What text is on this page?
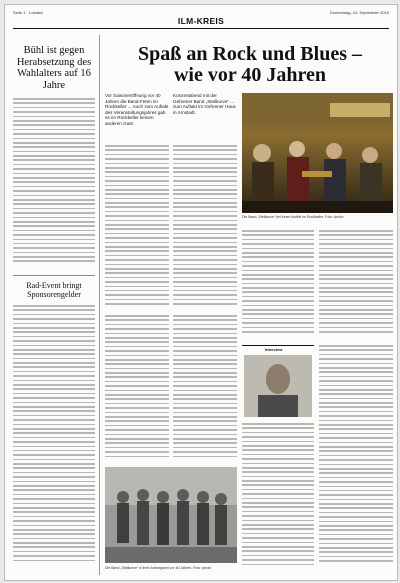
Seite 1 · Lokales	Donnerstag, 24. September 2015
ILM-KREIS
Bühl ist gegen Herabsetzung des Wahlalters auf 16 Jahre
Rad-Event bringt Sponsorengelder
Spaß an Rock und Blues –
wie vor 40 Jahren
Vor Saisoneröffnung vor 40 Jahren die Band-Feten im Rockkeller ... Auch zum Auftakt des Veranstaltungsjahres gab es im Rockkeller keinen anderen Gast.
Konzertabend mit der Gehrener Band „Steilkurve“ ... zum Auftakt im Gehrener Haus in Arnstadt.
Die Band „Steilkurve“ bei ihrem Auftritt im Rockkeller. Foto: Archiv
Interview
Die Band „Steilkurve“ in ihrer Anfangszeit vor 40 Jahren. Foto: privat
